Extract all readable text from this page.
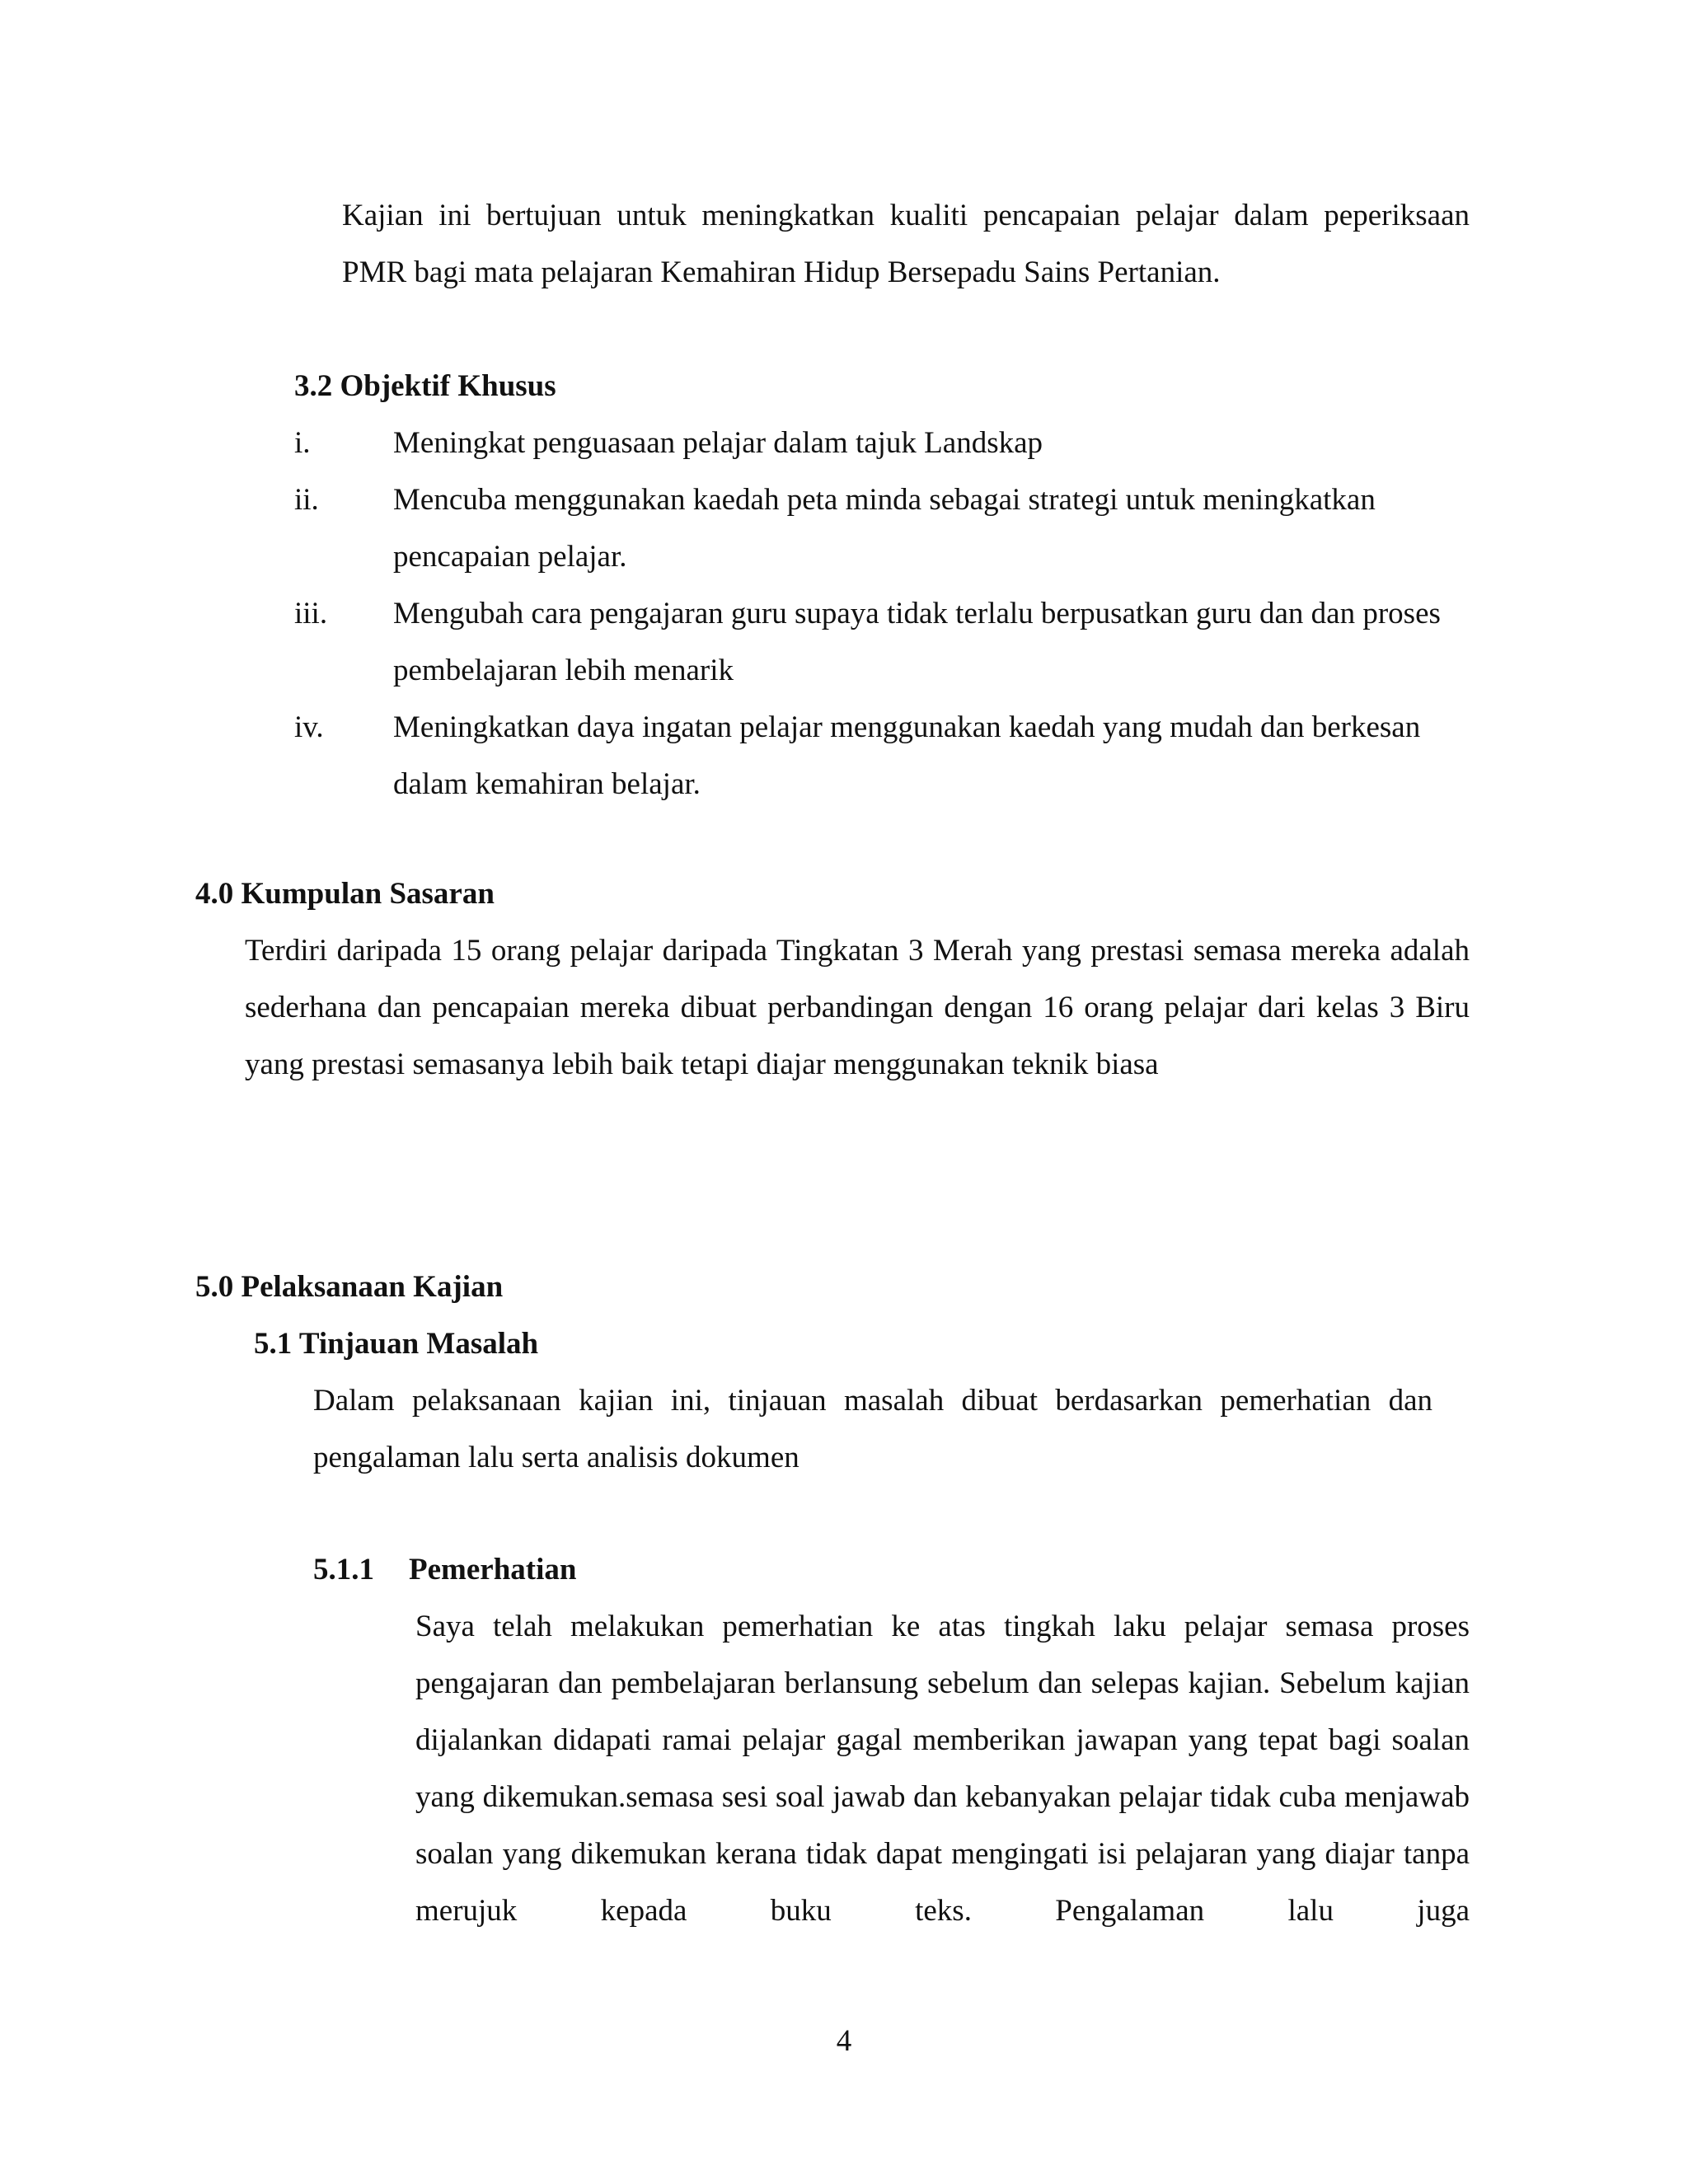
Kajian ini bertujuan untuk meningkatkan kualiti pencapaian pelajar dalam peperiksaan PMR bagi mata pelajaran Kemahiran Hidup Bersepadu Sains Pertanian.

3.2 Objektif Khusus

i.	Meningkat penguasaan pelajar dalam tajuk Landskap
ii.	Mencuba menggunakan kaedah peta minda sebagai strategi untuk meningkatkan pencapaian pelajar.
iii.	Mengubah cara pengajaran guru supaya tidak terlalu berpusatkan guru dan dan proses pembelajaran lebih menarik
iv.	Meningkatkan daya ingatan pelajar menggunakan kaedah yang mudah dan berkesan dalam kemahiran belajar.

4.0 Kumpulan Sasaran

Terdiri daripada 15 orang pelajar daripada Tingkatan 3 Merah yang prestasi semasa mereka adalah sederhana dan pencapaian mereka dibuat perbandingan dengan 16 orang pelajar dari kelas 3 Biru yang prestasi semasanya lebih baik tetapi diajar menggunakan teknik biasa

5.0 Pelaksanaan Kajian

5.1 Tinjauan Masalah

Dalam pelaksanaan kajian ini, tinjauan masalah dibuat berdasarkan pemerhatian dan pengalaman lalu serta analisis dokumen

5.1.1 Pemerhatian

Saya telah melakukan pemerhatian ke atas tingkah laku pelajar semasa proses pengajaran dan pembelajaran berlansung sebelum dan selepas kajian. Sebelum kajian dijalankan didapati ramai pelajar gagal memberikan jawapan yang tepat bagi soalan yang dikemukan.semasa sesi soal jawab dan kebanyakan pelajar tidak cuba menjawab soalan yang dikemukan kerana tidak dapat mengingati isi pelajaran yang diajar tanpa merujuk kepada buku teks. Pengalaman lalu juga

4
